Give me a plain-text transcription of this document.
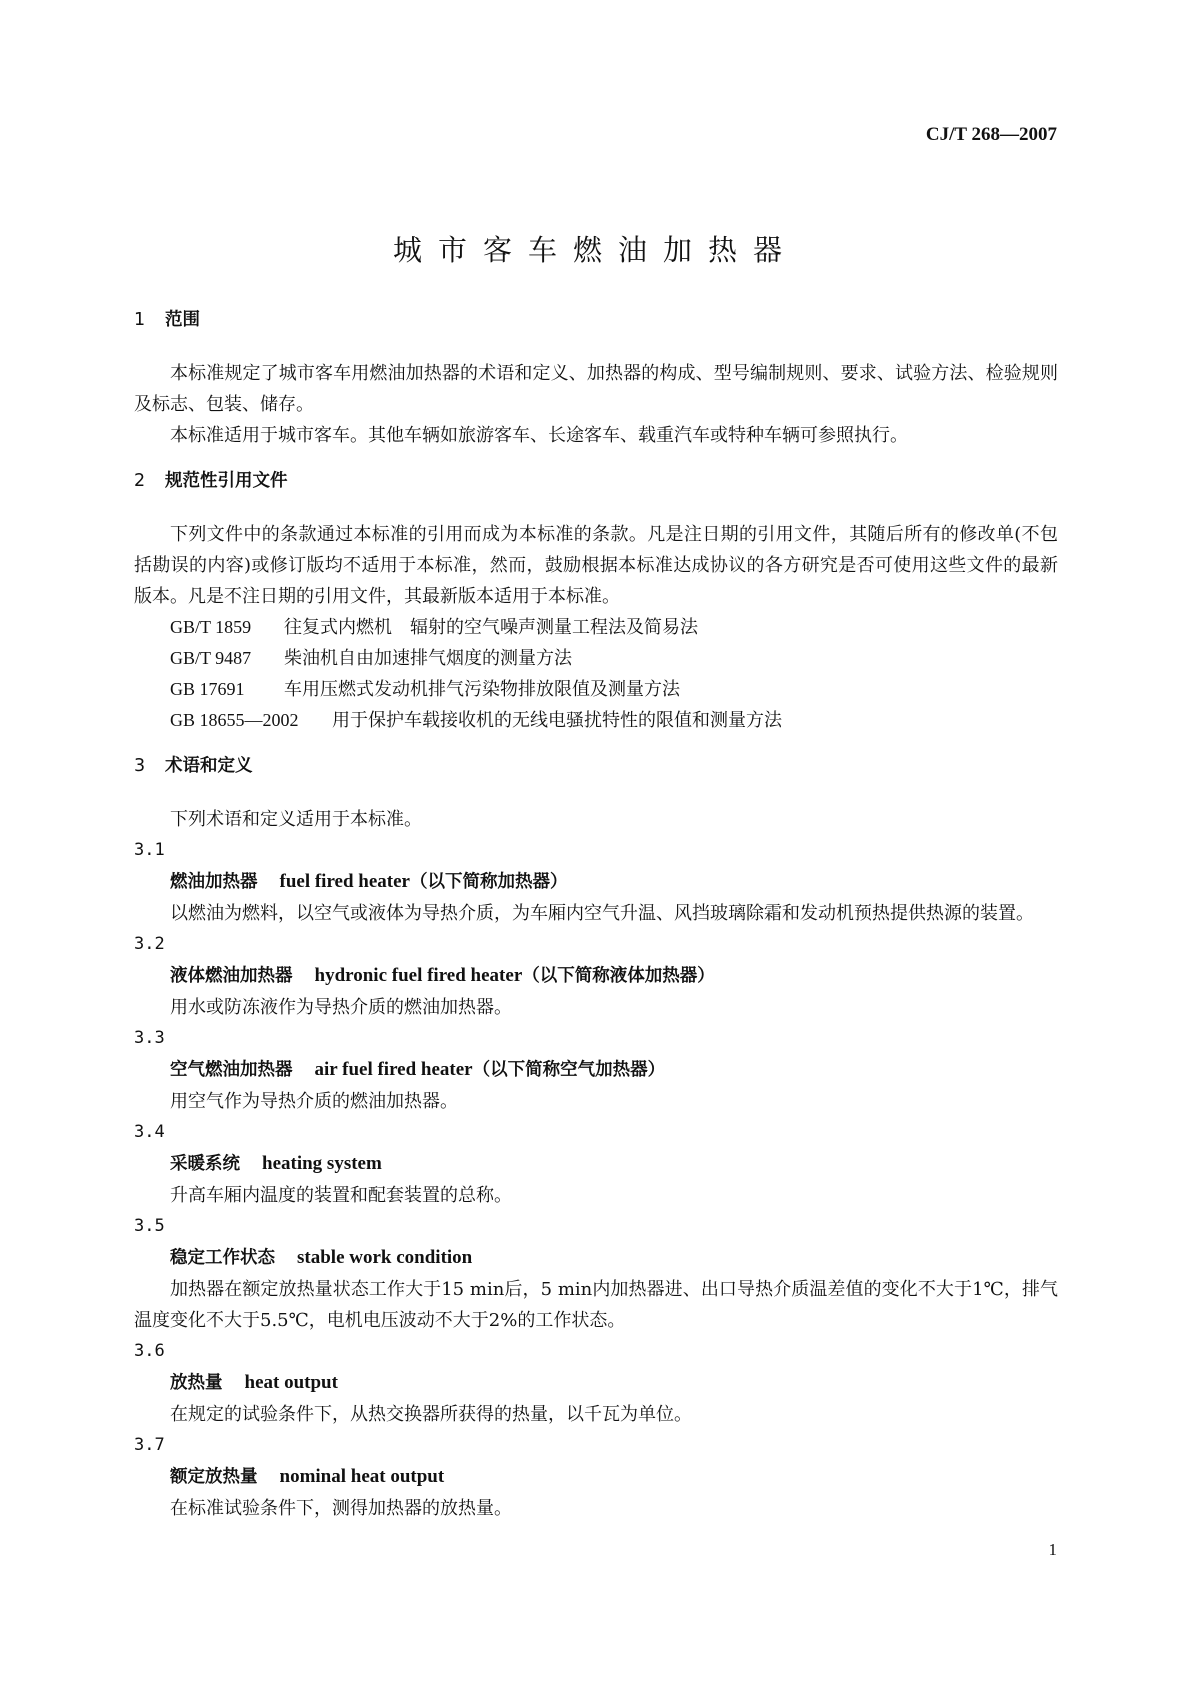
CJ/T 268—2007
城市客车燃油加热器
1 范围

本标准规定了城市客车用燃油加热器的术语和定义、加热器的构成、型号编制规则、要求、试验方法、检验规则及标志、包装、储存。

本标准适用于城市客车。其他车辆如旅游客车、长途客车、载重汽车或特种车辆可参照执行。

2 规范性引用文件

下列文件中的条款通过本标准的引用而成为本标准的条款。凡是注日期的引用文件，其随后所有的修改单(不包括勘误的内容)或修订版均不适用于本标准，然而，鼓励根据本标准达成协议的各方研究是否可使用这些文件的最新版本。凡是不注日期的引用文件，其最新版本适用于本标准。

GB/T 1859 往复式内燃机　辐射的空气噪声测量工程法及简易法
GB/T 9487 柴油机自由加速排气烟度的测量方法
GB 17691 车用压燃式发动机排气污染物排放限值及测量方法
GB 18655—2002 用于保护车载接收机的无线电骚扰特性的限值和测量方法
3 术语和定义

下列术语和定义适用于本标准。

3.1
燃油加热器 fuel fired heater（以下简称加热器）

以燃油为燃料，以空气或液体为导热介质，为车厢内空气升温、风挡玻璃除霜和发动机预热提供热源的装置。

3.2
液体燃油加热器 hydronic fuel fired heater（以下简称液体加热器）

用水或防冻液作为导热介质的燃油加热器。

3.3
空气燃油加热器 air fuel fired heater（以下简称空气加热器）

用空气作为导热介质的燃油加热器。

3.4
采暖系统 heating system

升高车厢内温度的装置和配套装置的总称。

3.5
稳定工作状态 stable work condition

加热器在额定放热量状态工作大于15 min后，5 min内加热器进、出口导热介质温差值的变化不大于1℃，排气温度变化不大于5.5℃，电机电压波动不大于2%的工作状态。

3.6
放热量 heat output

在规定的试验条件下，从热交换器所获得的热量，以千瓦为单位。

3.7
额定放热量 nominal heat output

在标准试验条件下，测得加热器的放热量。

1
